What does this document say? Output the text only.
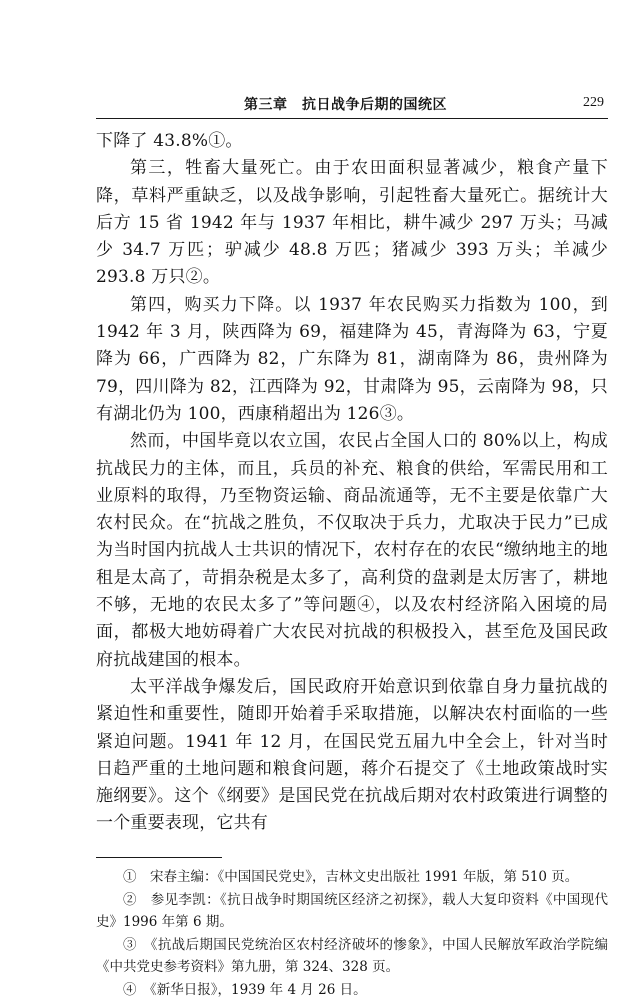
第三章　抗日战争后期的国统区	229

下降了 43.8%①。

第三，牲畜大量死亡。由于农田面积显著减少，粮食产量下降，草料严重缺乏，以及战争影响，引起牲畜大量死亡。据统计大后方 15 省 1942 年与 1937 年相比，耕牛减少 297 万头；马减少 34.7 万匹；驴减少 48.8 万匹；猪减少 393 万头；羊减少 293.8 万只②。

第四，购买力下降。以 1937 年农民购买力指数为 100，到 1942 年 3 月，陕西降为 69，福建降为 45，青海降为 63，宁夏降为 66，广西降为 82，广东降为 81，湖南降为 86，贵州降为 79，四川降为 82，江西降为 92，甘肃降为 95，云南降为 98，只有湖北仍为 100，西康稍超出为 126③。

然而，中国毕竟以农立国，农民占全国人口的 80%以上，构成抗战民力的主体，而且，兵员的补充、粮食的供给，军需民用和工业原料的取得，乃至物资运输、商品流通等，无不主要是依靠广大农村民众。在“抗战之胜负，不仅取决于兵力，尤取决于民力”已成为当时国内抗战人士共识的情况下，农村存在的农民“缴纳地主的地租是太高了，苛捐杂税是太多了，高利贷的盘剥是太厉害了，耕地不够，无地的农民太多了”等问题④，以及农村经济陷入困境的局面，都极大地妨碍着广大农民对抗战的积极投入，甚至危及国民政府抗战建国的根本。

太平洋战争爆发后，国民政府开始意识到依靠自身力量抗战的紧迫性和重要性，随即开始着手采取措施，以解决农村面临的一些紧迫问题。1941 年 12 月，在国民党五届九中全会上，针对当时日趋严重的土地问题和粮食问题，蒋介石提交了《土地政策战时实施纲要》。这个《纲要》是国民党在抗战后期对农村政策进行调整的一个重要表现，它共有

①　宋春主编：《中国国民党史》，吉林文史出版社 1991 年版，第 510 页。

②　参见李凯：《抗日战争时期国统区经济之初探》，载人大复印资料《中国现代史》1996 年第 6 期。

③　《抗战后期国民党统治区农村经济破坏的惨象》，中国人民解放军政治学院编《中共党史参考资料》第九册，第 324、328 页。

④　《新华日报》，1939 年 4 月 26 日。
